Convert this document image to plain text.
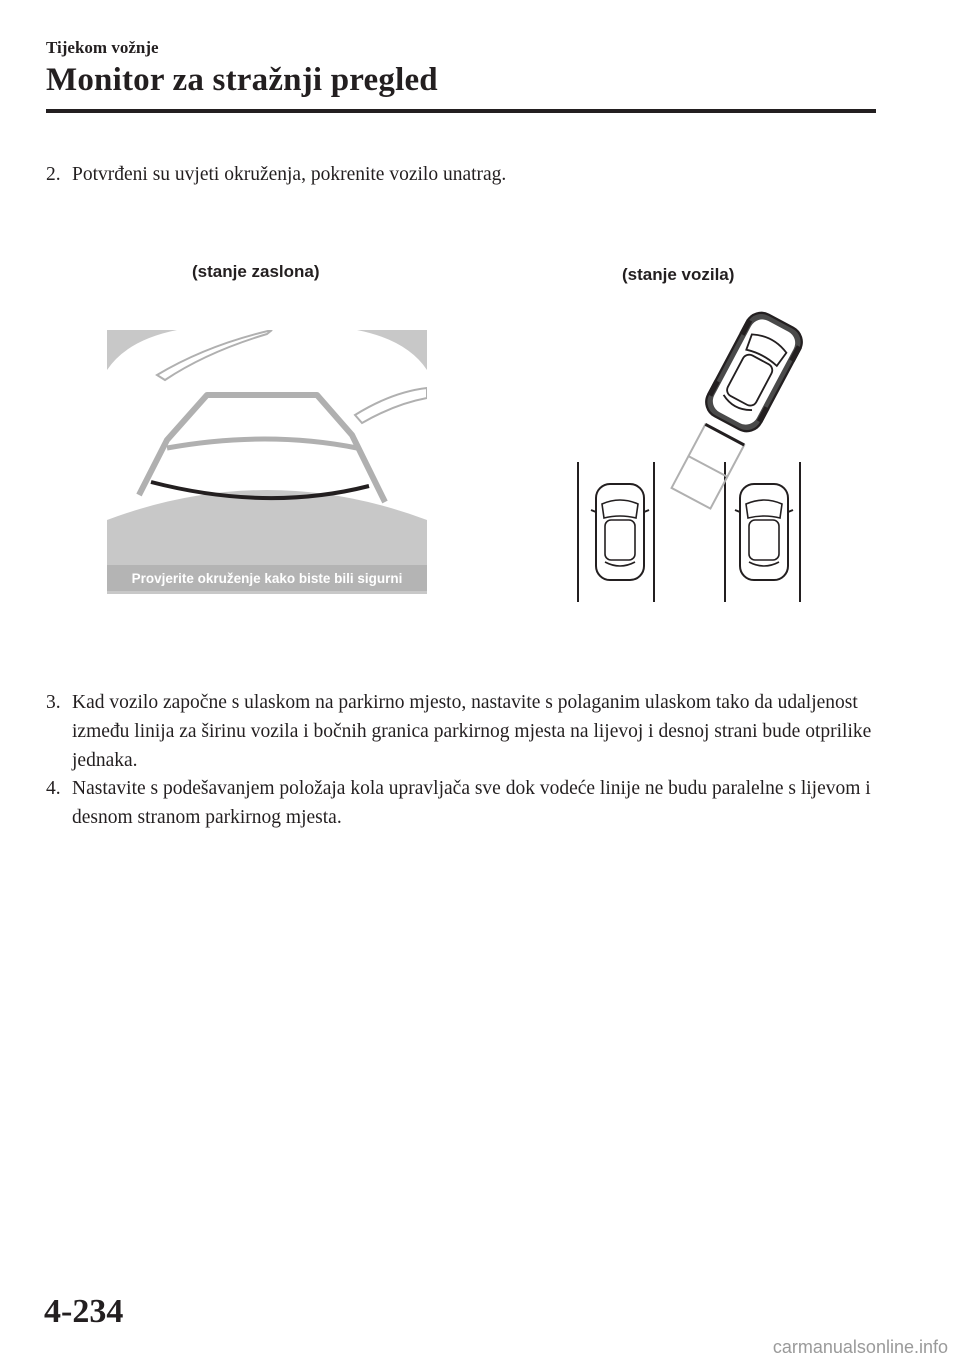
Tijekom vožnje
Monitor za stražnji pregled
2. Potvrđeni su uvjeti okruženja, pokrenite vozilo unatrag.
(stanje zaslona)	(stanje vozila)
Provjerite okruženje kako biste bili sigurni
3. Kad vozilo započne s ulaskom na parkirno mjesto, nastavite s polaganim ulaskom tako da udaljenost između linija za širinu vozila i bočnih granica parkirnog mjesta na lijevoj i desnoj strani bude otprilike jednaka.
4. Nastavite s podešavanjem položaja kola upravljača sve dok vodeće linije ne budu paralelne s lijevom i desnom stranom parkirnog mjesta.
4-234
carmanualsonline.info
